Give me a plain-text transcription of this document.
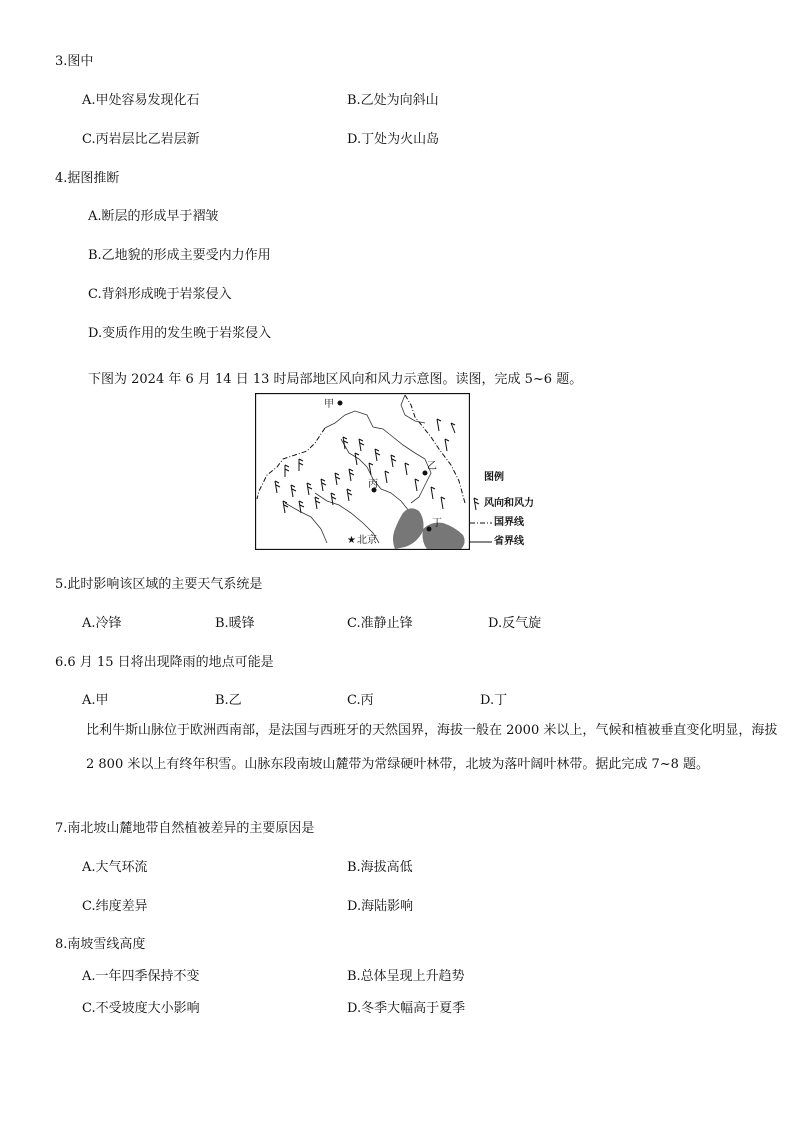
3.图中
A.甲处容易发现化石	B.乙处为向斜山
C.丙岩层比乙岩层新	D.丁处为火山岛
4.据图推断
A.断层的形成早于褶皱
B.乙地貌的形成主要受内力作用
C.背斜形成晚于岩浆侵入
D.变质作用的发生晚于岩浆侵入
下图为 2024 年 6 月 14 日 13 时局部地区风向和风力示意图。读图，完成 5~6 题。
甲
乙
丙
丁
★ 北京
图例
风向和风力
国界线
省界线
5.此时影响该区域的主要天气系统是
A.冷锋	B.暖锋	C.准静止锋	D.反气旋
6.6 月 15 日将出现降雨的地点可能是
A.甲	B.乙	C.丙	D.丁
比利牛斯山脉位于欧洲西南部，是法国与西班牙的天然国界，海拔一般在 2000 米以上，气候和植被垂直变化明显，海拔 2 800 米以上有终年积雪。山脉东段南坡山麓带为常绿硬叶林带，北坡为落叶阔叶林带。据此完成 7~8 题。
7.南北坡山麓地带自然植被差异的主要原因是
A.大气环流	B.海拔高低
C.纬度差异	D.海陆影响
8.南坡雪线高度
A.一年四季保持不变	B.总体呈现上升趋势
C.不受坡度大小影响	D.冬季大幅高于夏季
